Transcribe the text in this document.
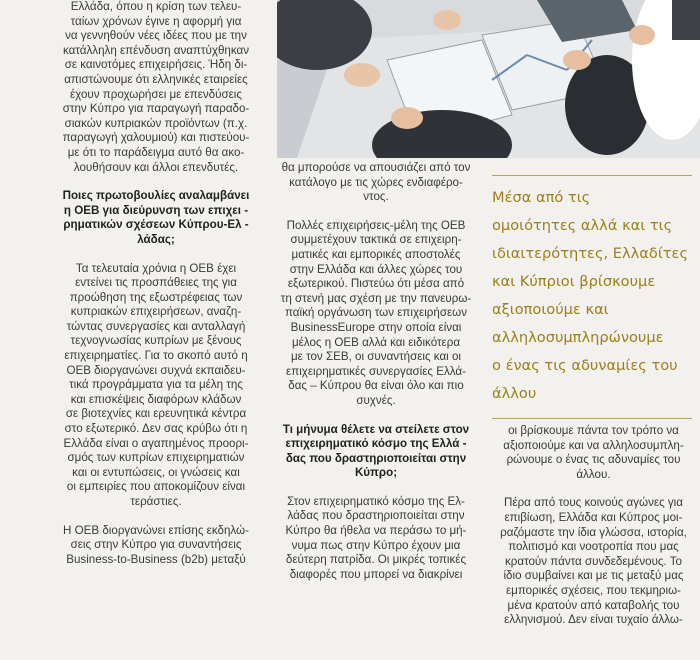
Ελλάδα, όπου η κρίση των τελευ-
ταίων χρόνων έγινε η αφορμή για
να γεννηθούν νέες ιδέες που με την
κατάλληλη επένδυση αναπτύχθηκαν
σε καινοτόμες επιχειρήσεις. Ήδη δι-
απιστώνουμε ότι ελληνικές εταιρείες
έχουν προχωρήσει με επενδύσεις
στην Κύπρο για παραγωγή παραδο-
σιακών κυπριακών προϊόντων (π.χ.
παραγωγή χαλουμιού) και πιστεύου-
με ότι το παράδειγμα αυτό θα ακο-
λουθήσουν και άλλοι επενδυτές.

Ποιες πρωτοβουλίες αναλαμβάνει
η ΟΕΒ για διεύρυνση των επιχει -
ρηματικών σχέσεων Κύπρου-Ελ -
λάδας;

Τα τελευταία χρόνια η ΟΕΒ έχει
εντείνει τις προσπάθειες της για
προώθηση της εξωστρέφειας των
κυπριακών επιχειρήσεων, αναζη-
τώντας συνεργασίες και ανταλλαγή
τεχνογνωσίας κυπρίων με ξένους
επιχειρηματίες. Για το σκοπό αυτό η
ΟΕΒ διοργανώνει συχνά εκπαιδευ-
τικά προγράμματα για τα μέλη της
και επισκέψεις διαφόρων κλάδων
σε βιοτεχνίες και ερευνητικά κέντρα
στο εξωτερικό. Δεν σας κρύβω ότι η
Ελλάδα είναι ο αγαπημένος προορι-
σμός των κυπρίων επιχειρηματιών
και οι εντυπώσεις, οι γνώσεις και
οι εμπειρίες που αποκομίζουν είναι
τεράστιες.

Η ΟΕΒ διοργανώνει επίσης εκδηλώ-
σεις στην Κύπρο για συναντήσεις
Business-to-Business (b2b) μεταξύ

θα μπορούσε να απουσιάζει από τον
κατάλογο με τις χώρες ενδιαφέρο-
ντος.

Πολλές επιχειρήσεις-μέλη της ΟΕΒ
συμμετέχουν τακτικά σε επιχειρη-
ματικές και εμπορικές αποστολές
στην Ελλάδα και άλλες χώρες του
εξωτερικού. Πιστεύω ότι μέσα από
τη στενή μας σχέση με την πανευρω-
παϊκή οργάνωση των επιχειρήσεων
BusinessEurope στην οποία είναι
μέλος η ΟΕΒ αλλά και ειδικότερα
με τον ΣΕΒ, οι συναντήσεις και οι
επιχειρηματικές συνεργασίες Ελλά-
δας – Κύπρου θα είναι όλο και πιο
συχνές.

Τι μήνυμα θέλετε να στείλετε στον
επιχειρηματικό κόσμο της Ελλά -
δας που δραστηριοποιείται στην
Κύπρο;

Στον επιχειρηματικό κόσμο της Ελ-
λάδας που δραστηριοποιείται στην
Κύπρο θα ήθελα να περάσω το μή-
νυμα πως στην Κύπρο έχουν μια
δεύτερη πατρίδα. Οι μικρές τοπικές
διαφορές που μπορεί να διακρίνει

Μέσα από τις
ομοιότητες αλλά και τις
ιδιαιτερότητες, Ελλαδίτες
και Κύπριοι βρίσκουμε
αξιοποιούμε και
αλληλοσυμπληρώνουμε
ο ένας τις αδυναμίες του
άλλου

οι βρίσκουμε πάντα τον τρόπο να
αξιοποιούμε και να αλληλοσυμπλη-
ρώνουμε ο ένας τις αδυναμίες του
άλλου.

Πέρα από τους κοινούς αγώνες για
επιβίωση, Ελλάδα και Κύπρος μοι-
ραζόμαστε την ίδια γλώσσα, ιστορία,
πολιτισμό και νοοτροπία που μας
κρατούν πάντα συνδεδεμένους. Το
ίδιο συμβαίνει και με τις μεταξύ μας
εμπορικές σχέσεις, που τεκμηριω-
μένα κρατούν από καταβολής του
ελληνισμού. Δεν είναι τυχαίο άλλω-
